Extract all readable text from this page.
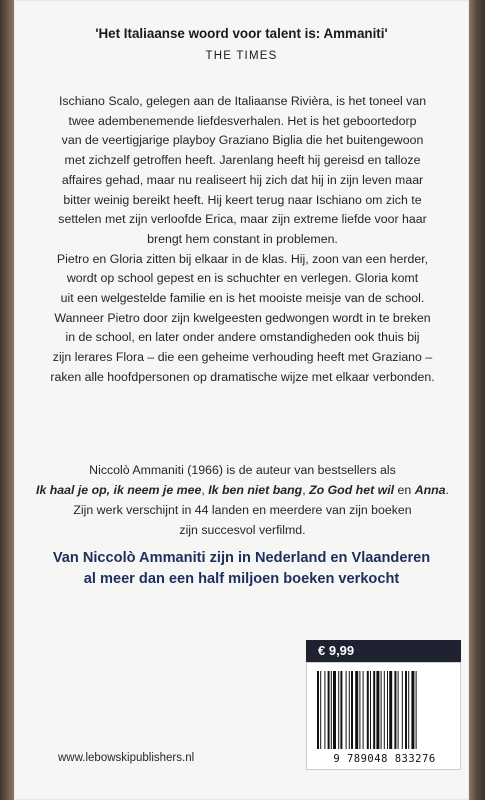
'Het Italiaanse woord voor talent is: Ammaniti'
THE TIMES

Ischiano Scalo, gelegen aan de Italiaanse Rivièra, is het toneel van

twee adembenemende liefdesverhalen. Het is het geboortedorp

van de veertigjarige playboy Graziano Biglia die het buitengewoon

met zichzelf getroffen heeft. Jarenlang heeft hij gereisd en talloze

affaires gehad, maar nu realiseert hij zich dat hij in zijn leven maar

bitter weinig bereikt heeft. Hij keert terug naar Ischiano om zich te

settelen met zijn verloofde Erica, maar zijn extreme liefde voor haar

brengt hem constant in problemen.

Pietro en Gloria zitten bij elkaar in de klas. Hij, zoon van een herder,

wordt op school gepest en is schuchter en verlegen. Gloria komt

uit een welgestelde familie en is het mooiste meisje van de school.

Wanneer Pietro door zijn kwelgeesten gedwongen wordt in te breken

in de school, en later onder andere omstandigheden ook thuis bij

zijn lerares Flora – die een geheime verhouding heeft met Graziano –

raken alle hoofdpersonen op dramatische wijze met elkaar verbonden.

Niccolò Ammaniti (1966) is de auteur van bestsellers als

Ik haal je op, ik neem je mee, Ik ben niet bang, Zo God het wil en Anna.

Zijn werk verschijnt in 44 landen en meerdere van zijn boeken

zijn succesvol verfilmd.

Van Niccolò Ammaniti zijn in Nederland en Vlaanderen

al meer dan een half miljoen boeken verkocht

€ 9,99
9 789048 833276
www.lebowskipublishers.nl
